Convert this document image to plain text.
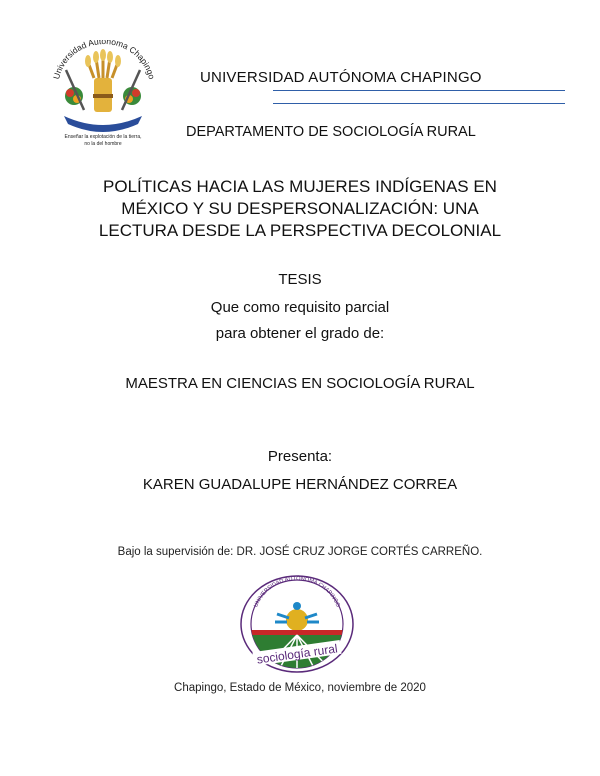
Universidad Autónoma Chapingo
Enseñar la explotación de la tierra,
no la del hombre
UNIVERSIDAD AUTÓNOMA CHAPINGO
DEPARTAMENTO DE SOCIOLOGÍA RURAL
POLÍTICAS HACIA LAS MUJERES INDÍGENAS EN
MÉXICO Y SU DESPERSONALIZACIÓN: UNA
LECTURA DESDE LA PERSPECTIVA DECOLONIAL
TESIS
Que como requisito parcial
para obtener el grado de:
MAESTRA EN CIENCIAS EN SOCIOLOGÍA RURAL
Presenta:
KAREN GUADALUPE HERNÁNDEZ CORREA
Bajo la supervisión de: DR. JOSÉ CRUZ JORGE CORTÉS CARREÑO.
UNIVERSIDAD AUTÓNOMA CHAPINGO
sociología rural
Chapingo, Estado de México, noviembre de 2020
